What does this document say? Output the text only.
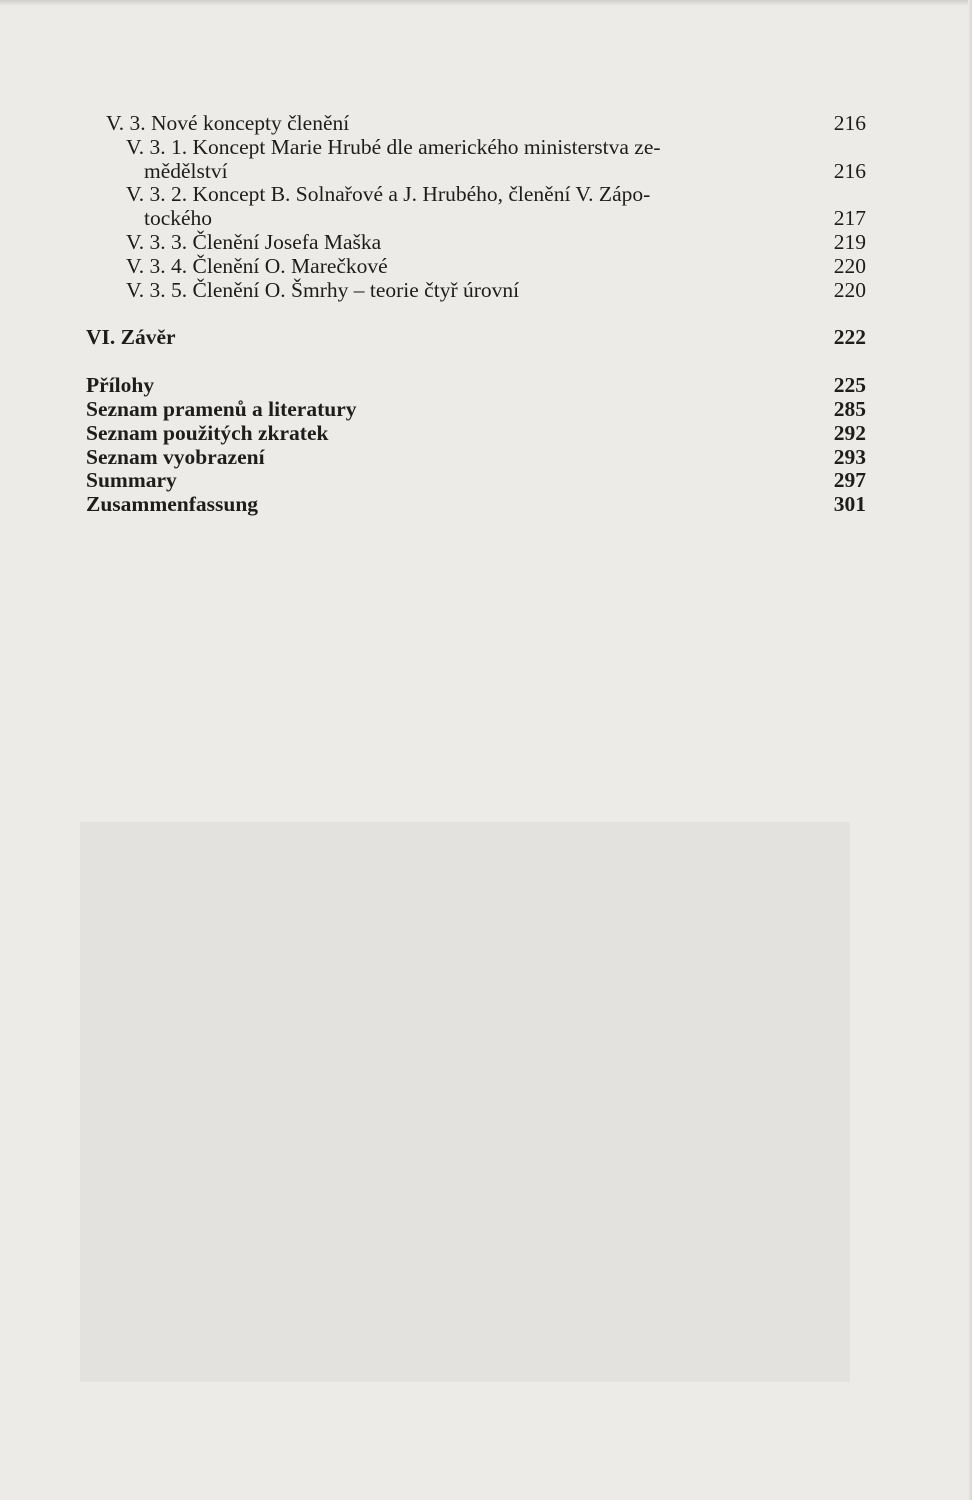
V. 3. Nové koncepty členění	216
V. 3. 1. Koncept Marie Hrubé dle amerického ministerstva ze-
mědělství	216
V. 3. 2. Koncept B. Solnařové a J. Hrubého, členění V. Zápo-
tockého	217
V. 3. 3. Členění Josefa Maška	219
V. 3. 4. Členění O. Marečkové	220
V. 3. 5. Členění O. Šmrhy – teorie čtyř úrovní	220
VI. Závěr	222
Přílohy	225
Seznam pramenů a literatury	285
Seznam použitých zkratek	292
Seznam vyobrazení	293
Summary	297
Zusammenfassung	301
